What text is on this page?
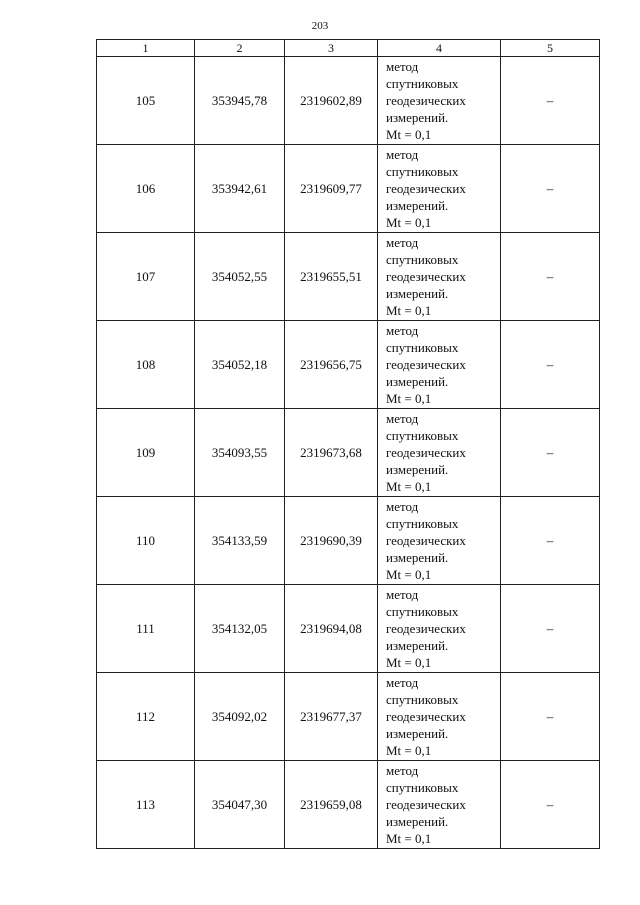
203
1	2	3	4	5
105	353945,78	2319602,89	метод
спутниковых
геодезических
измерений.
Mt = 0,1	–
106	353942,61	2319609,77	метод
спутниковых
геодезических
измерений.
Mt = 0,1	–
107	354052,55	2319655,51	метод
спутниковых
геодезических
измерений.
Mt = 0,1	–
108	354052,18	2319656,75	метод
спутниковых
геодезических
измерений.
Mt = 0,1	–
109	354093,55	2319673,68	метод
спутниковых
геодезических
измерений.
Mt = 0,1	–
110	354133,59	2319690,39	метод
спутниковых
геодезических
измерений.
Mt = 0,1	–
111	354132,05	2319694,08	метод
спутниковых
геодезических
измерений.
Mt = 0,1	–
112	354092,02	2319677,37	метод
спутниковых
геодезических
измерений.
Mt = 0,1	–
113	354047,30	2319659,08	метод
спутниковых
геодезических
измерений.
Mt = 0,1	–
